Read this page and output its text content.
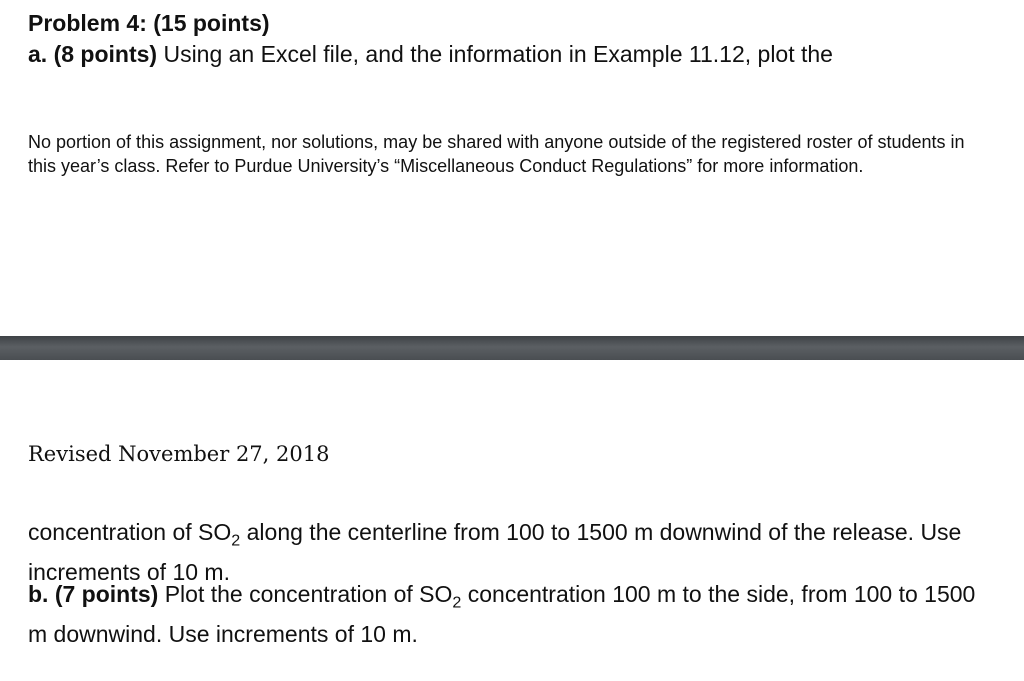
Problem 4: (15 points)
a. (8 points) Using an Excel file, and the information in Example 11.12, plot the
No portion of this assignment, nor solutions, may be shared with anyone outside of the registered roster of students in this year’s class. Refer to Purdue University’s “Miscellaneous Conduct Regulations” for more information.
Revised November 27, 2018
concentration of $SO_2$ along the centerline from 100 to 1500 m downwind of the release. Use increments of 10 m.
b. (7 points) Plot the concentration of $SO_2$ concentration 100 m to the side, from 100 to 1500 m downwind. Use increments of 10 m.
